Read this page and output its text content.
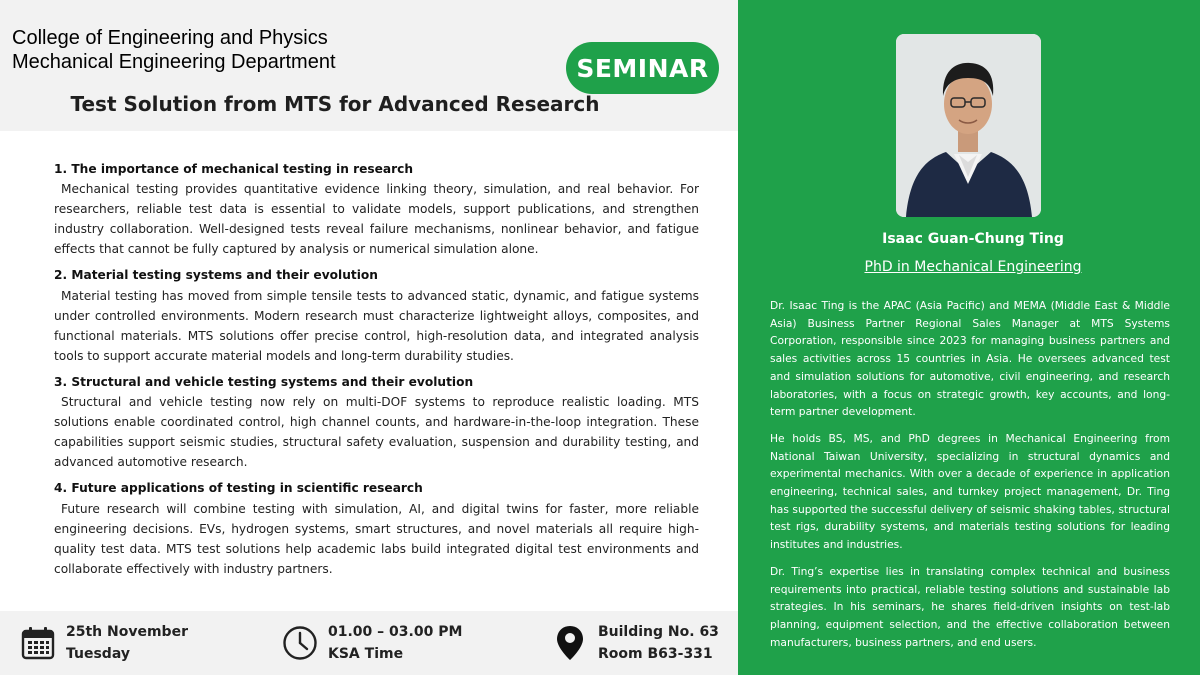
College of Engineering and Physics
Mechanical Engineering Department	SEMINAR
Test Solution from MTS for Advanced Research
1. The importance of mechanical testing in research
Mechanical testing provides quantitative evidence linking theory, simulation, and real behavior. For researchers, reliable test data is essential to validate models, support publications, and strengthen industry collaboration. Well-designed tests reveal failure mechanisms, nonlinear behavior, and fatigue effects that cannot be fully captured by analysis or numerical simulation alone.
2. Material testing systems and their evolution
Material testing has moved from simple tensile tests to advanced static, dynamic, and fatigue systems under controlled environments. Modern research must characterize lightweight alloys, composites, and functional materials. MTS solutions offer precise control, high-resolution data, and integrated analysis tools to support accurate material models and long-term durability studies.
3. Structural and vehicle testing systems and their evolution
Structural and vehicle testing now rely on multi-DOF systems to reproduce realistic loading. MTS solutions enable coordinated control, high channel counts, and hardware-in-the-loop integration. These capabilities support seismic studies, structural safety evaluation, suspension and durability testing, and advanced automotive research.
4. Future applications of testing in scientific research
Future research will combine testing with simulation, AI, and digital twins for faster, more reliable engineering decisions. EVs, hydrogen systems, smart structures, and novel materials all require high-quality test data. MTS test solutions help academic labs build integrated digital test environments and collaborate effectively with industry partners.
25th November
Tuesday
01.00 – 03.00 PM
KSA Time
Building No. 63
Room B63-331
Isaac Guan-Chung Ting
PhD in Mechanical Engineering

Dr. Isaac Ting is the APAC (Asia Pacific) and MEMA (Middle East & Middle Asia) Business Partner Regional Sales Manager at MTS Systems Corporation, responsible since 2023 for managing business partners and sales activities across 15 countries in Asia. He oversees advanced test and simulation solutions for automotive, civil engineering, and research laboratories, with a focus on strategic growth, key accounts, and long-term partner development.

He holds BS, MS, and PhD degrees in Mechanical Engineering from National Taiwan University, specializing in structural dynamics and experimental mechanics. With over a decade of experience in application engineering, technical sales, and turnkey project management, Dr. Ting has supported the successful delivery of seismic shaking tables, structural test rigs, durability systems, and materials testing solutions for leading institutes and industries.

Dr. Ting’s expertise lies in translating complex technical and business requirements into practical, reliable testing solutions and sustainable lab strategies. In his seminars, he shares field-driven insights on test-lab planning, equipment selection, and the effective collaboration between manufacturers, business partners, and end users.
